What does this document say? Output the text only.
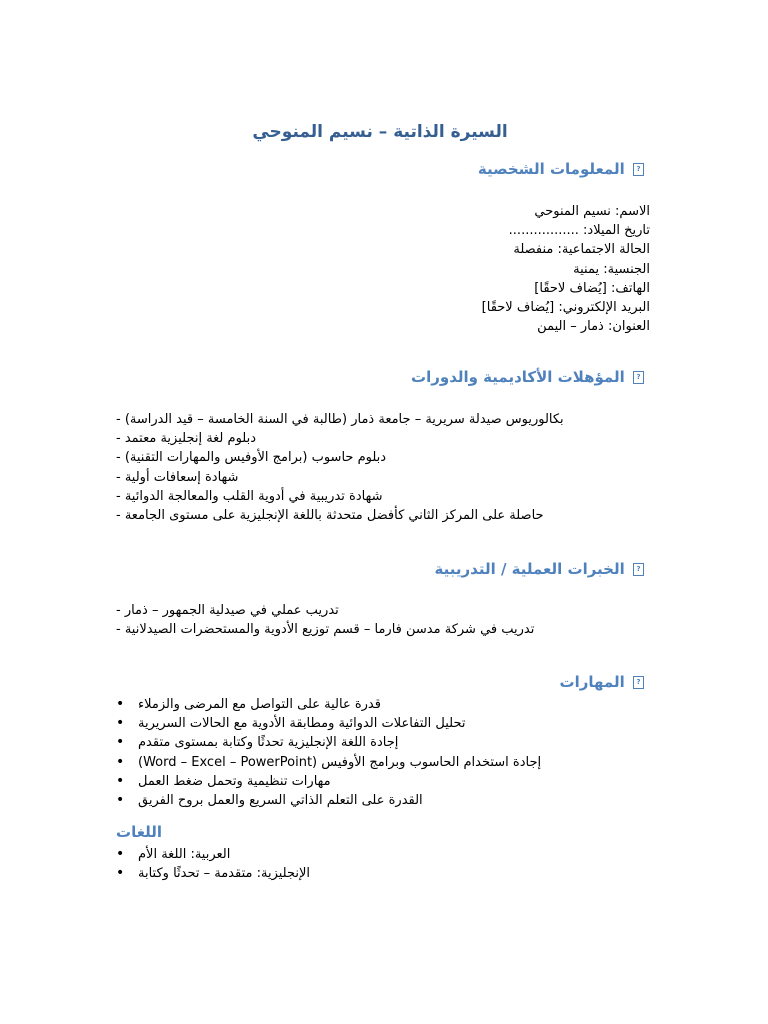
السيرة الذاتية – نسيم المنوحي
? المعلومات الشخصية
الاسم: نسيم المنوحي
تاريخ الميلاد: .................
الحالة الاجتماعية: منفصلة
الجنسية: يمنية
الهاتف: [يُضاف لاحقًا]
البريد الإلكتروني: [يُضاف لاحقًا]
العنوان: ذمار – اليمن
? المؤهلات الأكاديمية والدورات
بكالوريوس صيدلة سريرية – جامعة ذمار (طالبة في السنة الخامسة – قيد الدراسة) -
دبلوم لغة إنجليزية معتمد -
دبلوم حاسوب (برامج الأوفيس والمهارات التقنية) -
شهادة إسعافات أولية -
شهادة تدريبية في أدوية القلب والمعالجة الدوائية -
حاصلة على المركز الثاني كأفضل متحدثة باللغة الإنجليزية على مستوى الجامعة -
? الخبرات العملية / التدريبية
تدريب عملي في صيدلية الجمهور – ذمار -
تدريب في شركة مدسن فارما – قسم توزيع الأدوية والمستحضرات الصيدلانية -
? المهارات
• قدرة عالية على التواصل مع المرضى والزملاء
• تحليل التفاعلات الدوائية ومطابقة الأدوية مع الحالات السريرية
• إجادة اللغة الإنجليزية تحدثًا وكتابة بمستوى متقدم
• إجادة استخدام الحاسوب وبرامج الأوفيس (Word – Excel – PowerPoint)
• مهارات تنظيمية وتحمل ضغط العمل
• القدرة على التعلم الذاتي السريع والعمل بروح الفريق
اللغات
• العربية: اللغة الأم
• الإنجليزية: متقدمة – تحدثًا وكتابة
